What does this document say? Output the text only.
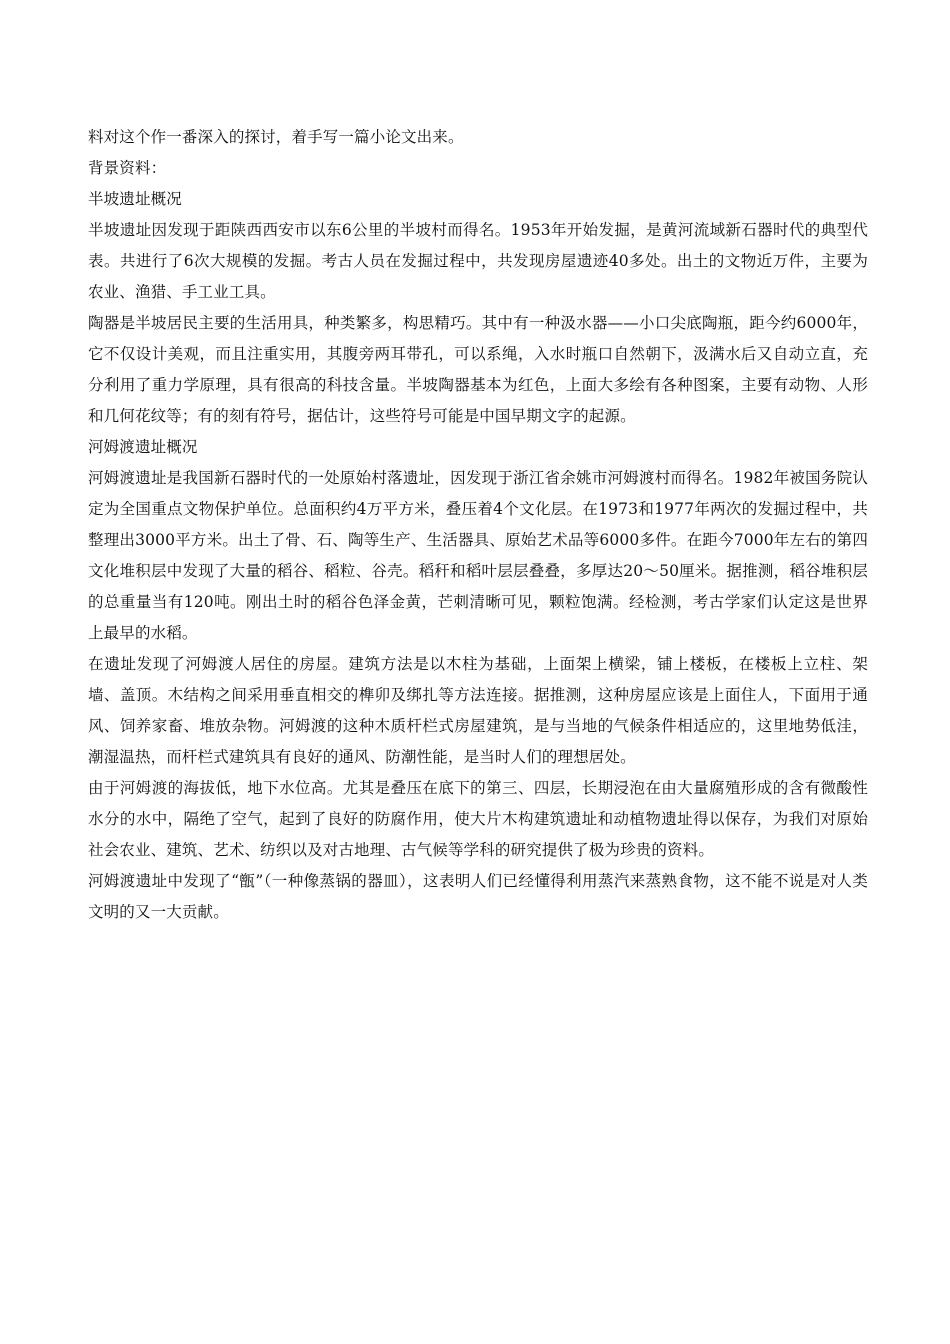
料对这个作一番深入的探讨，着手写一篇小论文出来。
背景资料：
半坡遗址概况

半坡遗址因发现于距陕西西安市以东6公里的半坡村而得名。1953年开始发掘，是黄河流域新石器时代的典型代表。共进行了6次大规模的发掘。考古人员在发掘过程中，共发现房屋遗迹40多处。出土的文物近万件，主要为农业、渔猎、手工业工具。

陶器是半坡居民主要的生活用具，种类繁多，构思精巧。其中有一种汲水器——小口尖底陶瓶，距今约6000年，它不仅设计美观，而且注重实用，其腹旁两耳带孔，可以系绳，入水时瓶口自然朝下，汲满水后又自动立直，充分利用了重力学原理，具有很高的科技含量。半坡陶器基本为红色，上面大多绘有各种图案，主要有动物、人形和几何花纹等；有的刻有符号，据估计，这些符号可能是中国早期文字的起源。

河姆渡遗址概况

河姆渡遗址是我国新石器时代的一处原始村落遗址，因发现于浙江省余姚市河姆渡村而得名。1982年被国务院认定为全国重点文物保护单位。总面积约4万平方米，叠压着4个文化层。在1973和1977年两次的发掘过程中，共整理出3000平方米。出土了骨、石、陶等生产、生活器具、原始艺术品等6000多件。在距今7000年左右的第四文化堆积层中发现了大量的稻谷、稻粒、谷壳。稻秆和稻叶层层叠叠，多厚达20～50厘米。据推测，稻谷堆积层的总重量当有120吨。刚出土时的稻谷色泽金黄，芒刺清晰可见，颗粒饱满。经检测，考古学家们认定这是世界上最早的水稻。

在遗址发现了河姆渡人居住的房屋。建筑方法是以木柱为基础，上面架上横梁，铺上楼板，在楼板上立柱、架墙、盖顶。木结构之间采用垂直相交的榫卯及绑扎等方法连接。据推测，这种房屋应该是上面住人，下面用于通风、饲养家畜、堆放杂物。河姆渡的这种木质杆栏式房屋建筑，是与当地的气候条件相适应的，这里地势低洼，潮湿温热，而杆栏式建筑具有良好的通风、防潮性能，是当时人们的理想居处。

由于河姆渡的海拔低，地下水位高。尤其是叠压在底下的第三、四层，长期浸泡在由大量腐殖形成的含有微酸性水分的水中，隔绝了空气，起到了良好的防腐作用，使大片木构建筑遗址和动植物遗址得以保存，为我们对原始社会农业、建筑、艺术、纺织以及对古地理、古气候等学科的研究提供了极为珍贵的资料。

河姆渡遗址中发现了“甑”（一种像蒸锅的器皿），这表明人们已经懂得利用蒸汽来蒸熟食物，这不能不说是对人类文明的又一大贡献。
